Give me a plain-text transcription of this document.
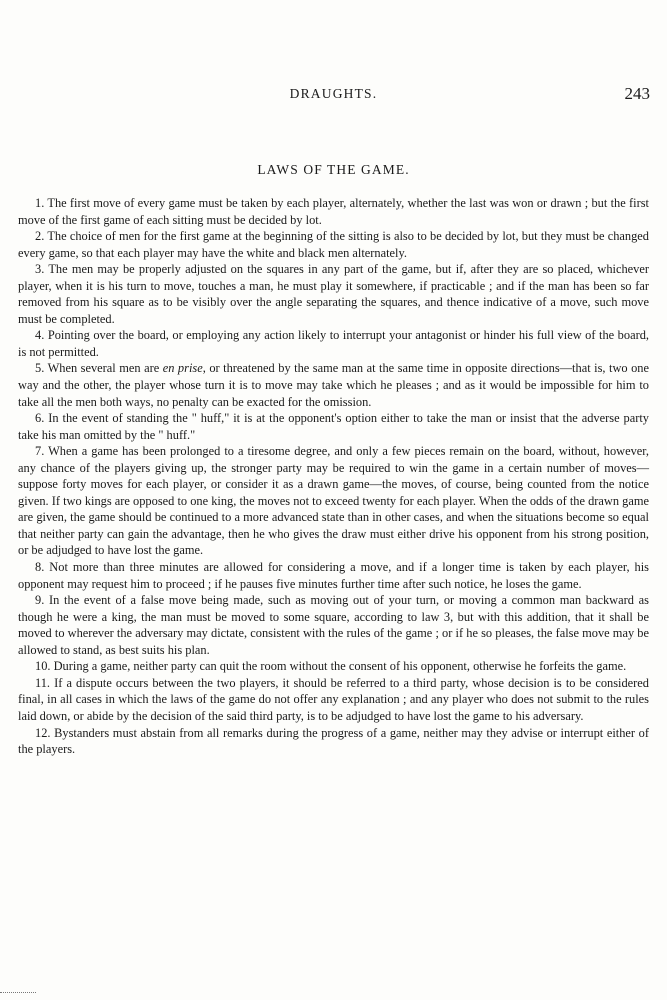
DRAUGHTS.	243
LAWS OF THE GAME.

1. The first move of every game must be taken by each player, alternately, whether the last was won or drawn ; but the first move of the first game of each sitting must be decided by lot.

2. The choice of men for the first game at the beginning of the sitting is also to be decided by lot, but they must be changed every game, so that each player may have the white and black men alternately.

3. The men may be properly adjusted on the squares in any part of the game, but if, after they are so placed, whichever player, when it is his turn to move, touches a man, he must play it somewhere, if practicable ; and if the man has been so far removed from his square as to be visibly over the angle separating the squares, and thence indicative of a move, such move must be completed.

4. Pointing over the board, or employing any action likely to interrupt your antagonist or hinder his full view of the board, is not permitted.

5. When several men are en prise, or threatened by the same man at the same time in opposite directions—that is, two one way and the other, the player whose turn it is to move may take which he pleases ; and as it would be impossible for him to take all the men both ways, no penalty can be exacted for the omission.

6. In the event of standing the " huff," it is at the opponent's option either to take the man or insist that the adverse party take his man omitted by the " huff."

7. When a game has been prolonged to a tiresome degree, and only a few pieces remain on the board, without, however, any chance of the players giving up, the stronger party may be required to win the game in a certain number of moves—suppose forty moves for each player, or consider it as a drawn game—the moves, of course, being counted from the notice given. If two kings are opposed to one king, the moves not to exceed twenty for each player. When the odds of the drawn game are given, the game should be continued to a more advanced state than in other cases, and when the situations become so equal that neither party can gain the advantage, then he who gives the draw must either drive his opponent from his strong position, or be adjudged to have lost the game.

8. Not more than three minutes are allowed for considering a move, and if a longer time is taken by each player, his opponent may request him to proceed ; if he pauses five minutes further time after such notice, he loses the game.

9. In the event of a false move being made, such as moving out of your turn, or moving a common man backward as though he were a king, the man must be moved to some square, according to law 3, but with this addition, that it shall be moved to wherever the adversary may dictate, consistent with the rules of the game ; or if he so pleases, the false move may be allowed to stand, as best suits his plan.

10. During a game, neither party can quit the room without the consent of his opponent, otherwise he forfeits the game.

11. If a dispute occurs between the two players, it should be referred to a third party, whose decision is to be considered final, in all cases in which the laws of the game do not offer any explanation ; and any player who does not submit to the rules laid down, or abide by the decision of the said third party, is to be adjudged to have lost the game to his adversary.

12. Bystanders must abstain from all remarks during the progress of a game, neither may they advise or interrupt either of the players.
